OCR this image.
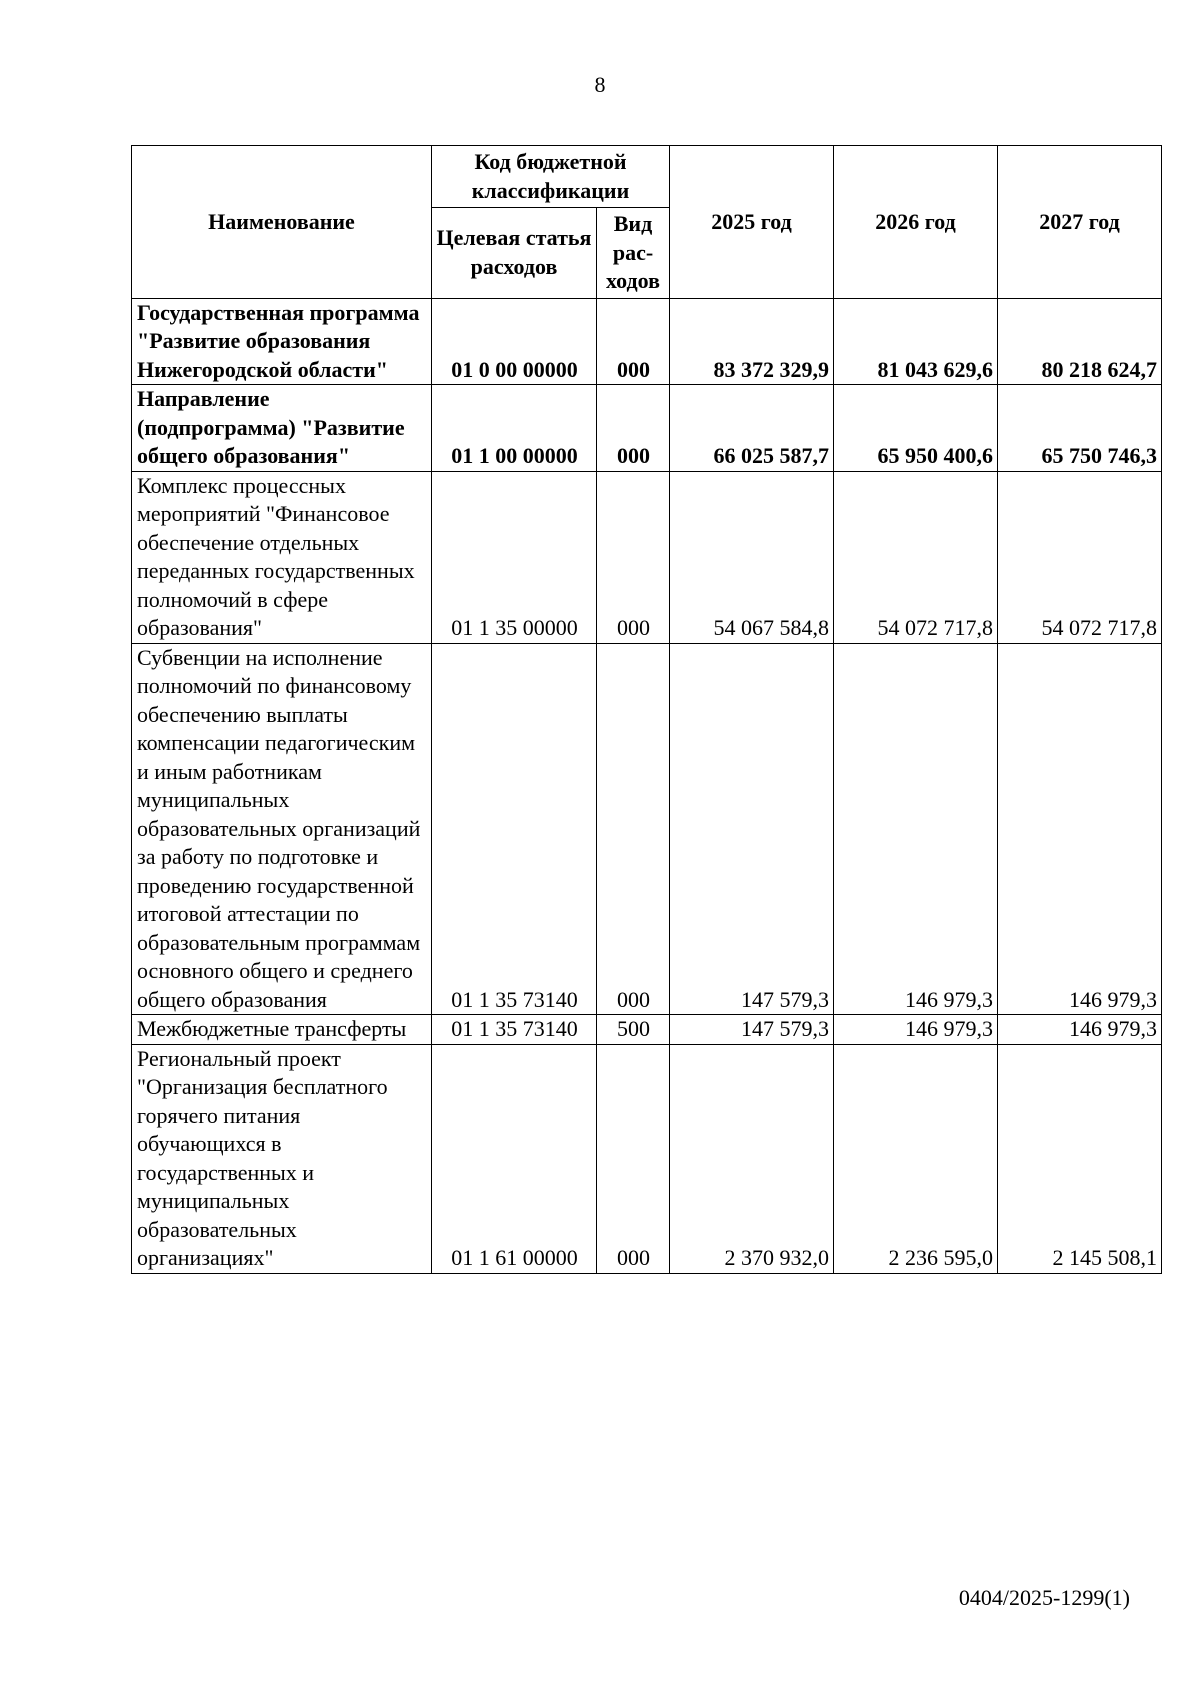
8
Наименование	Код бюджетной классификации		2025 год	2026 год	2027 год
	Целевая статья расходов	Вид рас- ходов			
Государственная программа "Развитие образования Нижегородской области"	01 0 00 00000	000	83 372 329,9	81 043 629,6	80 218 624,7
Направление (подпрограмма) "Развитие общего образования"	01 1 00 00000	000	66 025 587,7	65 950 400,6	65 750 746,3
Комплекс процессных мероприятий "Финансовое обеспечение отдельных переданных государственных полномочий в сфере образования"	01 1 35 00000	000	54 067 584,8	54 072 717,8	54 072 717,8
Субвенции на исполнение полномочий по финансовому обеспечению выплаты компенсации педагогическим и иным работникам муниципальных образовательных организаций за работу по подготовке и проведению государственной итоговой аттестации по образовательным программам основного общего и среднего общего образования	01 1 35 73140	000	147 579,3	146 979,3	146 979,3
Межбюджетные трансферты	01 1 35 73140	500	147 579,3	146 979,3	146 979,3
Региональный проект "Организация бесплатного горячего питания обучающихся в государственных и муниципальных образовательных организациях"	01 1 61 00000	000	2 370 932,0	2 236 595,0	2 145 508,1
0404/2025-1299(1)
